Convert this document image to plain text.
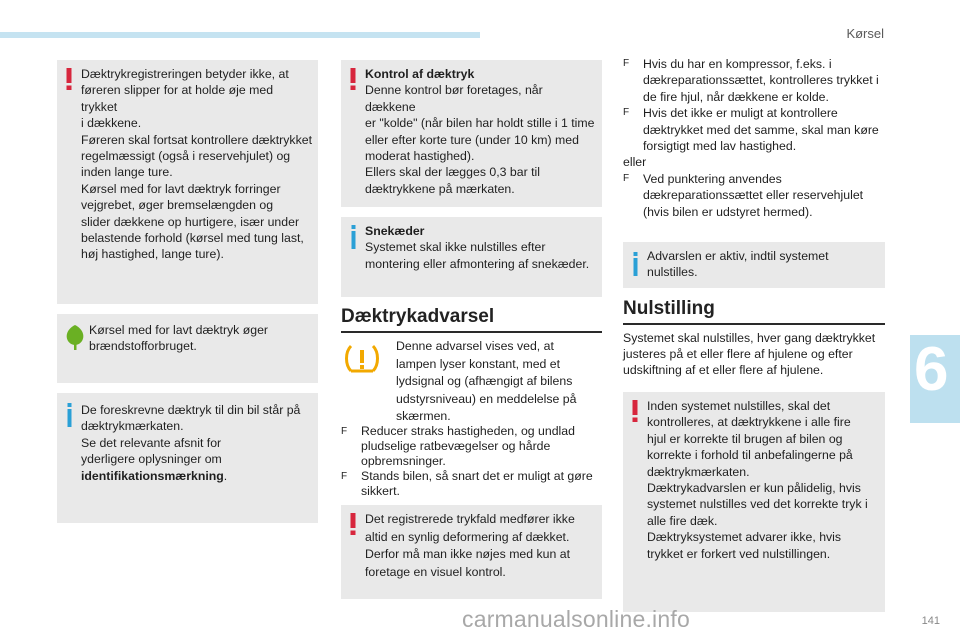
Kørsel
6

Dæktrykregistreringen betyder ikke, at

føreren slipper for at holde øje med trykket

i dækkene.

Føreren skal fortsat kontrollere dæktrykket

regelmæssigt (også i reservehjulet) og

inden lange ture.

Kørsel med for lavt dæktryk forringer

vejgrebet, øger bremselængden og

slider dækkene op hurtigere, især under

belastende forhold (kørsel med tung last,

høj hastighed, lange ture).

Kørsel med for lavt dæktryk øger

brændstofforbruget.

De foreskrevne dæktryk til din bil står på

dæktrykmærkaten.

Se det relevante afsnit for

yderligere oplysninger om

identifikationsmærkning.

Kontrol af dæktryk

Denne kontrol bør foretages, når dækkene

er "kolde" (når bilen har holdt stille i 1 time

eller efter korte ture (under 10 km) med

moderat hastighed).

Ellers skal der lægges 0,3 bar til

dæktrykkene på mærkaten.

Snekæder

Systemet skal ikke nulstilles efter

montering eller afmontering af snekæder.

Dæktrykadvarsel

Denne advarsel vises ved, at

lampen lyser konstant, med et

lydsignal og (afhængigt af bilens

udstyrsniveau) en meddelelse på

skærmen.

F	Reducer straks hastigheden, og undlad

pludselige ratbevægelser og hårde

opbremsninger.

F	Stands bilen, så snart det er muligt at gøre

sikkert.

Det registrerede trykfald medfører ikke

altid en synlig deformering af dækket.

Derfor må man ikke nøjes med kun at

foretage en visuel kontrol.

F	Hvis du har en kompressor, f.eks. i

dækreparationssættet, kontrolleres trykket i

de fire hjul, når dækkene er kolde.

F	Hvis det ikke er muligt at kontrollere

dæktrykket med det samme, skal man køre

forsigtigt med lav hastighed.

eller

F	Ved punktering anvendes

dækreparationssættet eller reservehjulet

(hvis bilen er udstyret hermed).

Advarslen er aktiv, indtil systemet

nulstilles.

Nulstilling

Systemet skal nulstilles, hver gang dæktrykket

justeres på et eller flere af hjulene og efter

udskiftning af et eller flere af hjulene.

Inden systemet nulstilles, skal det

kontrolleres, at dæktrykkene i alle fire

hjul er korrekte til brugen af bilen og

korrekte i forhold til anbefalingerne på

dæktrykmærkaten.

Dæktrykadvarslen er kun pålidelig, hvis

systemet nulstilles ved det korrekte tryk i

alle fire dæk.

Dæktryksystemet advarer ikke, hvis

trykket er forkert ved nulstillingen.

carmanualsonline.info	141
